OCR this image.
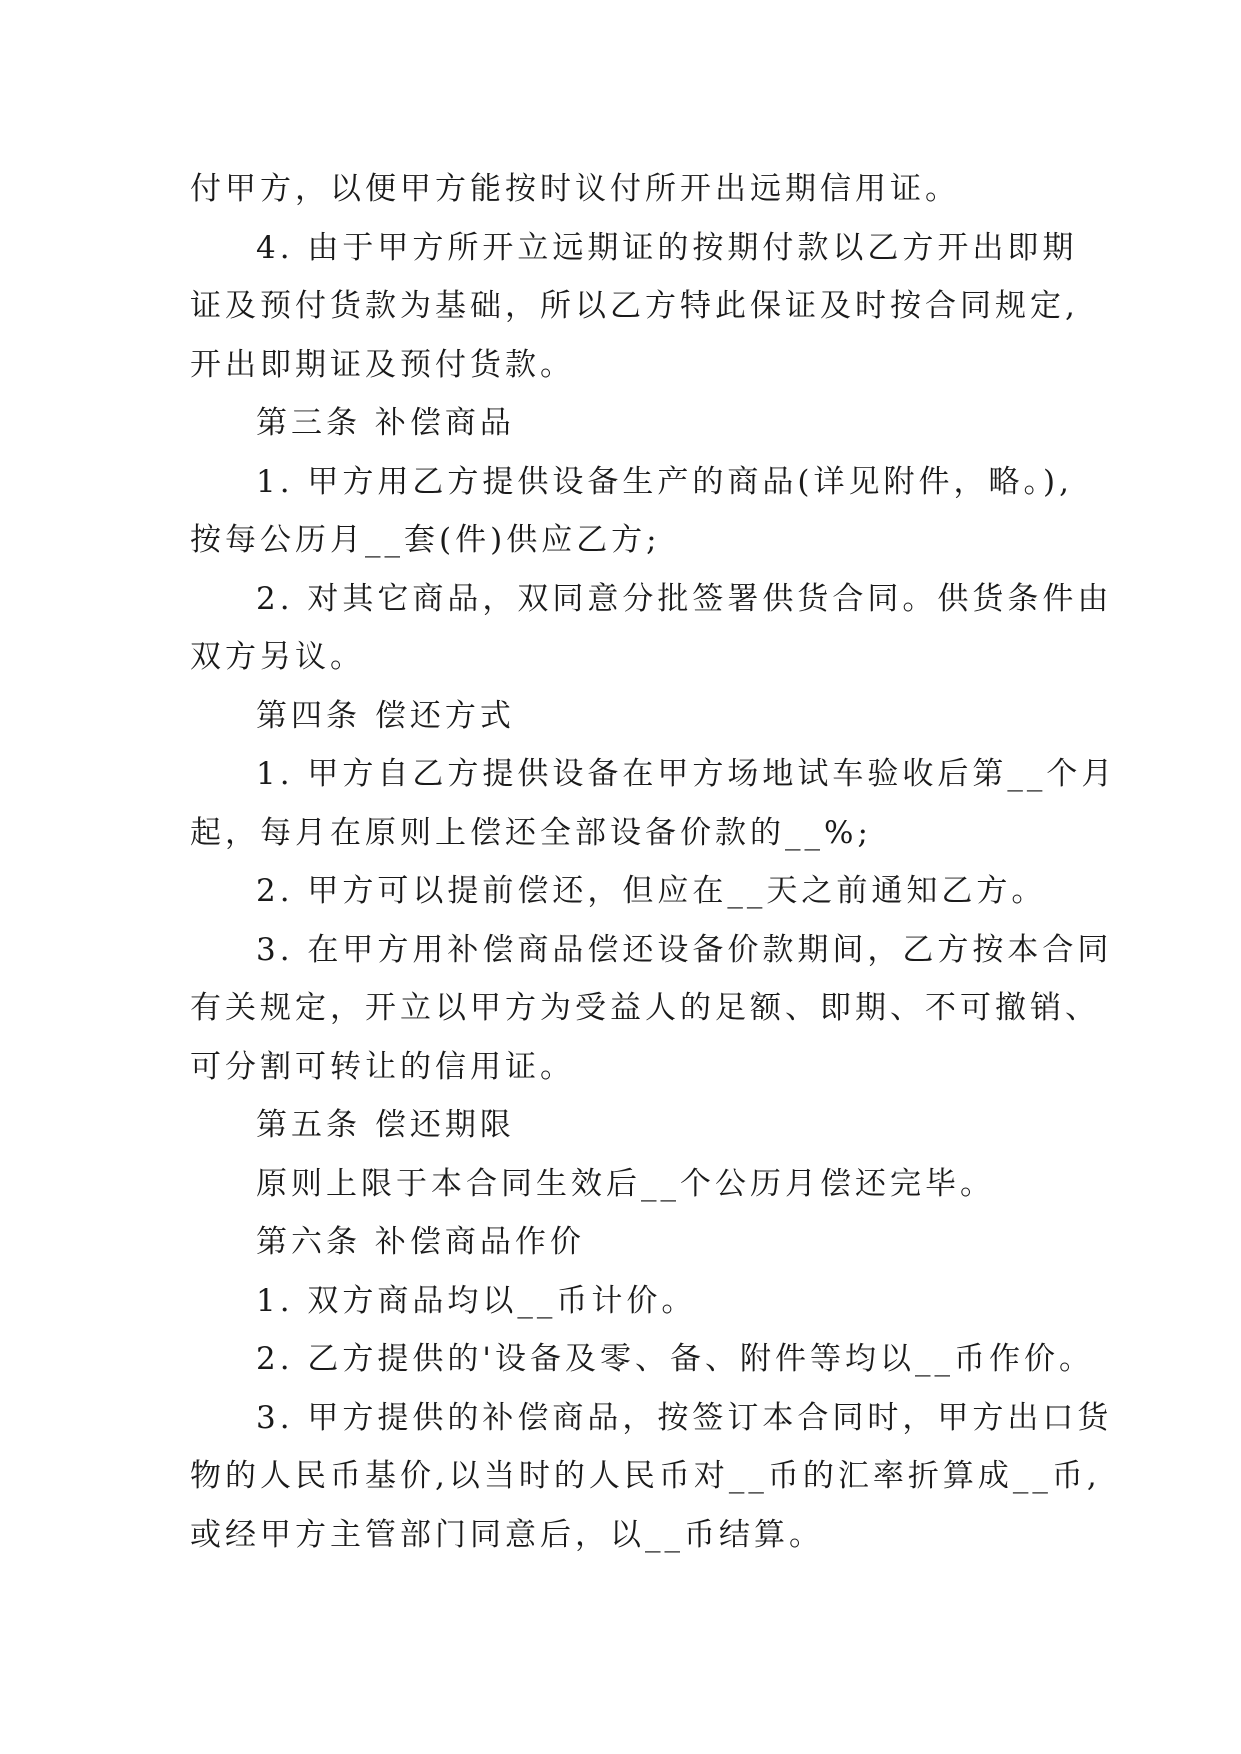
付甲方，以便甲方能按时议付所开出远期信用证。

4. 由于甲方所开立远期证的按期付款以乙方开出即期

证及预付货款为基础，所以乙方特此保证及时按合同规定,

开出即期证及预付货款。

第三条 补偿商品

1. 甲方用乙方提供设备生产的商品(详见附件，略。),

按每公历月__套(件)供应乙方;

2. 对其它商品，双同意分批签署供货合同。供货条件由

双方另议。

第四条 偿还方式

1. 甲方自乙方提供设备在甲方场地试车验收后第__个月

起，每月在原则上偿还全部设备价款的__%;

2. 甲方可以提前偿还，但应在__天之前通知乙方。

3. 在甲方用补偿商品偿还设备价款期间，乙方按本合同

有关规定，开立以甲方为受益人的足额、即期、不可撤销、

可分割可转让的信用证。

第五条 偿还期限

原则上限于本合同生效后__个公历月偿还完毕。

第六条 补偿商品作价

1. 双方商品均以__币计价。

2. 乙方提供的'设备及零、备、附件等均以__币作价。

3. 甲方提供的补偿商品，按签订本合同时，甲方出口货

物的人民币基价,以当时的人民币对__币的汇率折算成__币,

或经甲方主管部门同意后，以__币结算。
